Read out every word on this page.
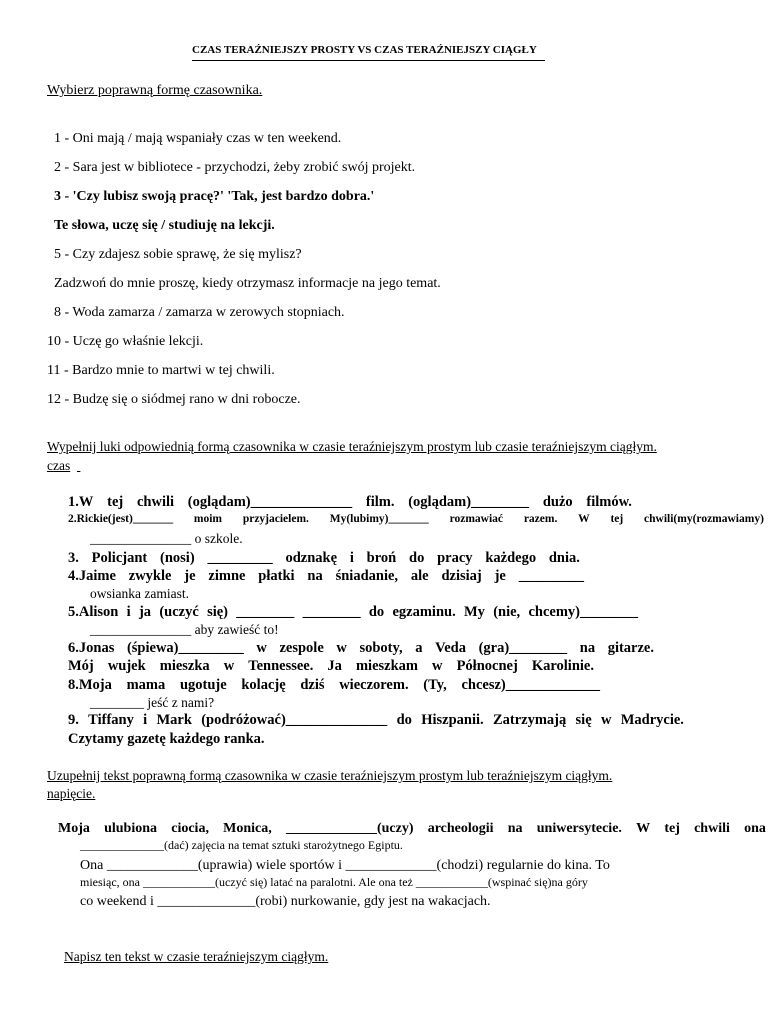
CZAS TERAŹNIEJSZY PROSTY VS CZAS TERAŹNIEJSZY CIĄGŁY
Wybierz poprawną formę czasownika.
1 - Oni mają / mają wspaniały czas w ten weekend.
2 - Sara jest w bibliotece - przychodzi, żeby zrobić swój projekt.
3 - 'Czy lubisz swoją pracę?' 'Tak, jest bardzo dobra.'
Te słowa, uczę się / studiuję na lekcji.
5 - Czy zdajesz sobie sprawę, że się mylisz?
Zadzwoń do mnie proszę, kiedy otrzymasz informacje na jego temat.
8 - Woda zamarza / zamarza w zerowych stopniach.
10 - Uczę go właśnie lekcji.
11 - Bardzo mnie to martwi w tej chwili.
12 - Budzę się o siódmej rano w dni robocze.
Wypełnij luki odpowiednią formą czasownika w czasie teraźniejszym prostym lub czasie teraźniejszym ciągłym.
czas

1.W tej chwili (oglądam)______________ film. (oglądam)________ dużo filmów.
2.Rickie(jest)_______ moim przyjacielem. My(lubimy)_______ rozmawiać razem. W tej chwili(my(rozmawiamy)
_______________ o szkole.
3. Policjant (nosi) _________ odznakę i broń do pracy każdego dnia.
4.Jaime zwykle je zimne płatki na śniadanie, ale dzisiaj je _________
owsianka zamiast.
5.Alison i ja (uczyć się) ________ ________ do egzaminu. My (nie, chcemy)________
_______________ aby zawieść to!
6.Jonas (śpiewa)_________ w zespole w soboty, a Veda (gra)________ na gitarze.
Mój wujek mieszka w Tennessee. Ja mieszkam w Północnej Karolinie.
8.Moja mama ugotuje kolację dziś wieczorem. (Ty, chcesz)_____________
________ jeść z nami?
9. Tiffany i Mark (podróżować)______________ do Hiszpanii. Zatrzymają się w Madrycie.
Czytamy gazetę każdego ranka.
Uzupełnij tekst poprawną formą czasownika w czasie teraźniejszym prostym lub teraźniejszym ciągłym.
napięcie.
Moja ulubiona ciocia, Monica, _____________(uczy) archeologii na uniwersytecie. W tej chwili ona
______________(dać) zajęcia na temat sztuki starożytnego Egiptu.
Ona _____________(uprawia) wiele sportów i _____________(chodzi) regularnie do kina. To
miesiąc, ona ____________(uczyć się) latać na paralotni. Ale ona też ____________(wspinać się)na góry
co weekend i ______________(robi) nurkowanie, gdy jest na wakacjach.
Napisz ten tekst w czasie teraźniejszym ciągłym.
